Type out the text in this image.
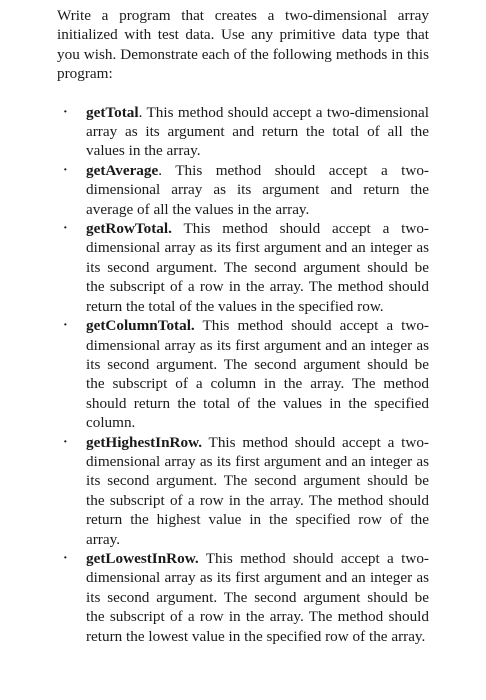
Write a program that creates a two-dimensional array initialized with test data. Use any primitive data type that you wish. Demonstrate each of the following methods in this program:

· getTotal. This method should accept a two-dimensional array as its argument and return the total of all the values in the array.
· getAverage. This method should accept a two-dimensional array as its argument and return the average of all the values in the array.
· getRowTotal. This method should accept a two-dimensional array as its first argument and an integer as its second argument. The second argument should be the subscript of a row in the array. The method should return the total of the values in the specified row.
· getColumnTotal. This method should accept a two-dimensional array as its first argument and an integer as its second argument. The second argument should be the subscript of a column in the array. The method should return the total of the values in the specified column.
· getHighestInRow. This method should accept a two-dimensional array as its first argument and an integer as its second argument. The second argument should be the subscript of a row in the array. The method should return the highest value in the specified row of the array.
· getLowestInRow. This method should accept a two-dimensional array as its first argument and an integer as its second argument. The second argument should be the subscript of a row in the array. The method should return the lowest value in the specified row of the array.
